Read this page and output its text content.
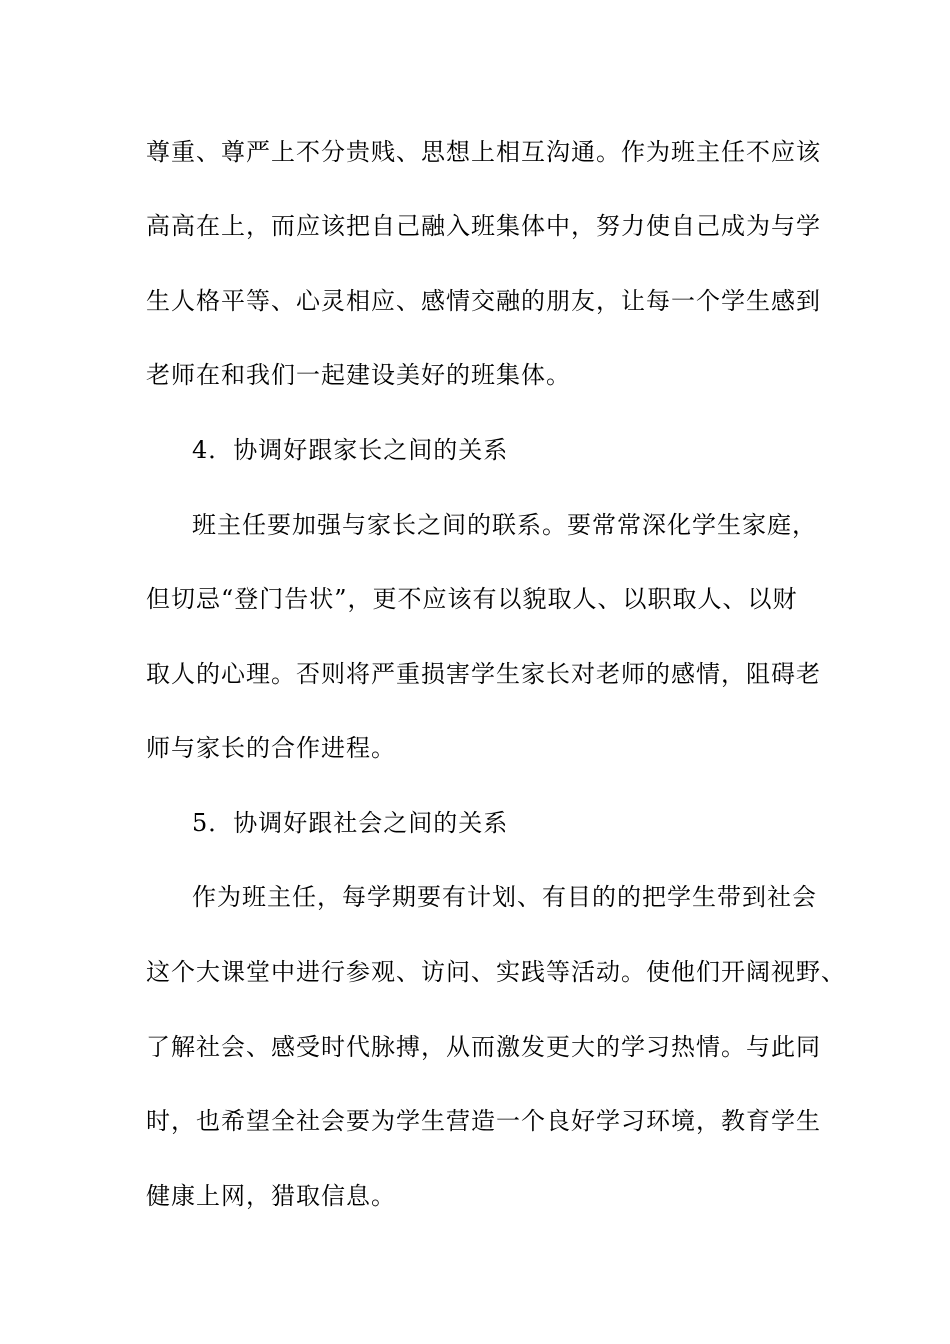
尊重、尊严上不分贵贱、思想上相互沟通。作为班主任不应该
高高在上，而应该把自己融入班集体中，努力使自己成为与学
生人格平等、心灵相应、感情交融的朋友，让每一个学生感到
老师在和我们一起建设美好的班集体。
4．协调好跟家长之间的关系
班主任要加强与家长之间的联系。要常常深化学生家庭，
但切忌“登门告状”，更不应该有以貌取人、以职取人、以财
取人的心理。否则将严重损害学生家长对老师的感情，阻碍老
师与家长的合作进程。
5．协调好跟社会之间的关系
作为班主任，每学期要有计划、有目的的把学生带到社会
这个大课堂中进行参观、访问、实践等活动。使他们开阔视野、
了解社会、感受时代脉搏，从而激发更大的学习热情。与此同
时，也希望全社会要为学生营造一个良好学习环境，教育学生
健康上网，猎取信息。
